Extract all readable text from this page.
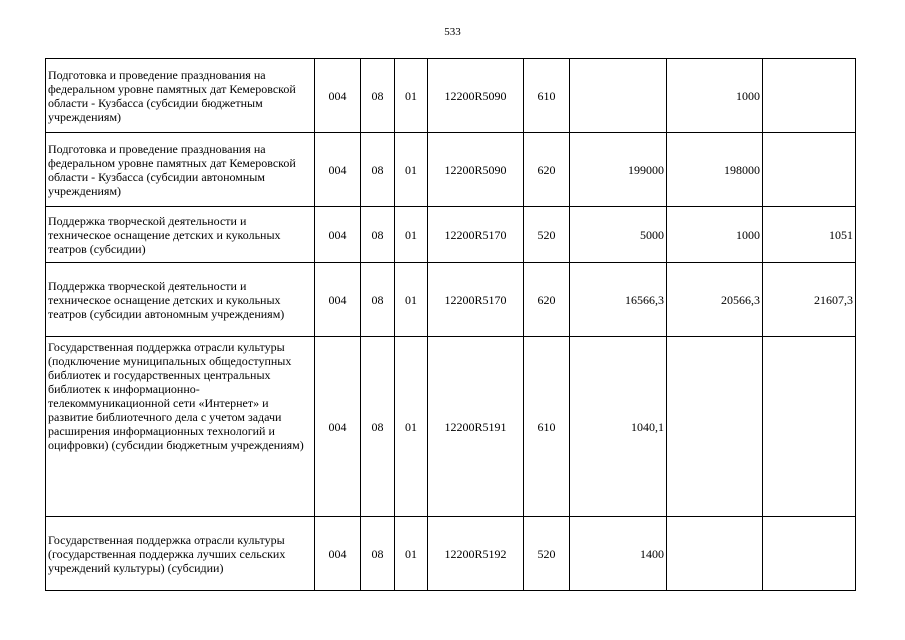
533
Подготовка и проведение празднования на федеральном уровне памятных дат Кемеровской области - Кузбасса (субсидии бюджетным учреждениям)	004	08	01	12200R5090	610		1000	
Подготовка и проведение празднования на федеральном уровне памятных дат Кемеровской области - Кузбасса (субсидии автономным учреждениям)	004	08	01	12200R5090	620	199000	198000	
Поддержка творческой деятельности и техническое оснащение детских и кукольных театров (субсидии)	004	08	01	12200R5170	520	5000	1000	1051
Поддержка творческой деятельности и техническое оснащение детских и кукольных театров (субсидии автономным учреждениям)	004	08	01	12200R5170	620	16566,3	20566,3	21607,3
Государственная поддержка отрасли культуры (подключение муниципальных общедоступных библиотек и государственных центральных библиотек к информационно-телекоммуникационной сети «Интернет» и развитие библиотечного дела с учетом задачи расширения информационных технологий и оцифровки) (субсидии бюджетным учреждениям)	004	08	01	12200R5191	610	1040,1		
Государственная поддержка отрасли культуры (государственная поддержка лучших сельских учреждений культуры) (субсидии)	004	08	01	12200R5192	520	1400		
